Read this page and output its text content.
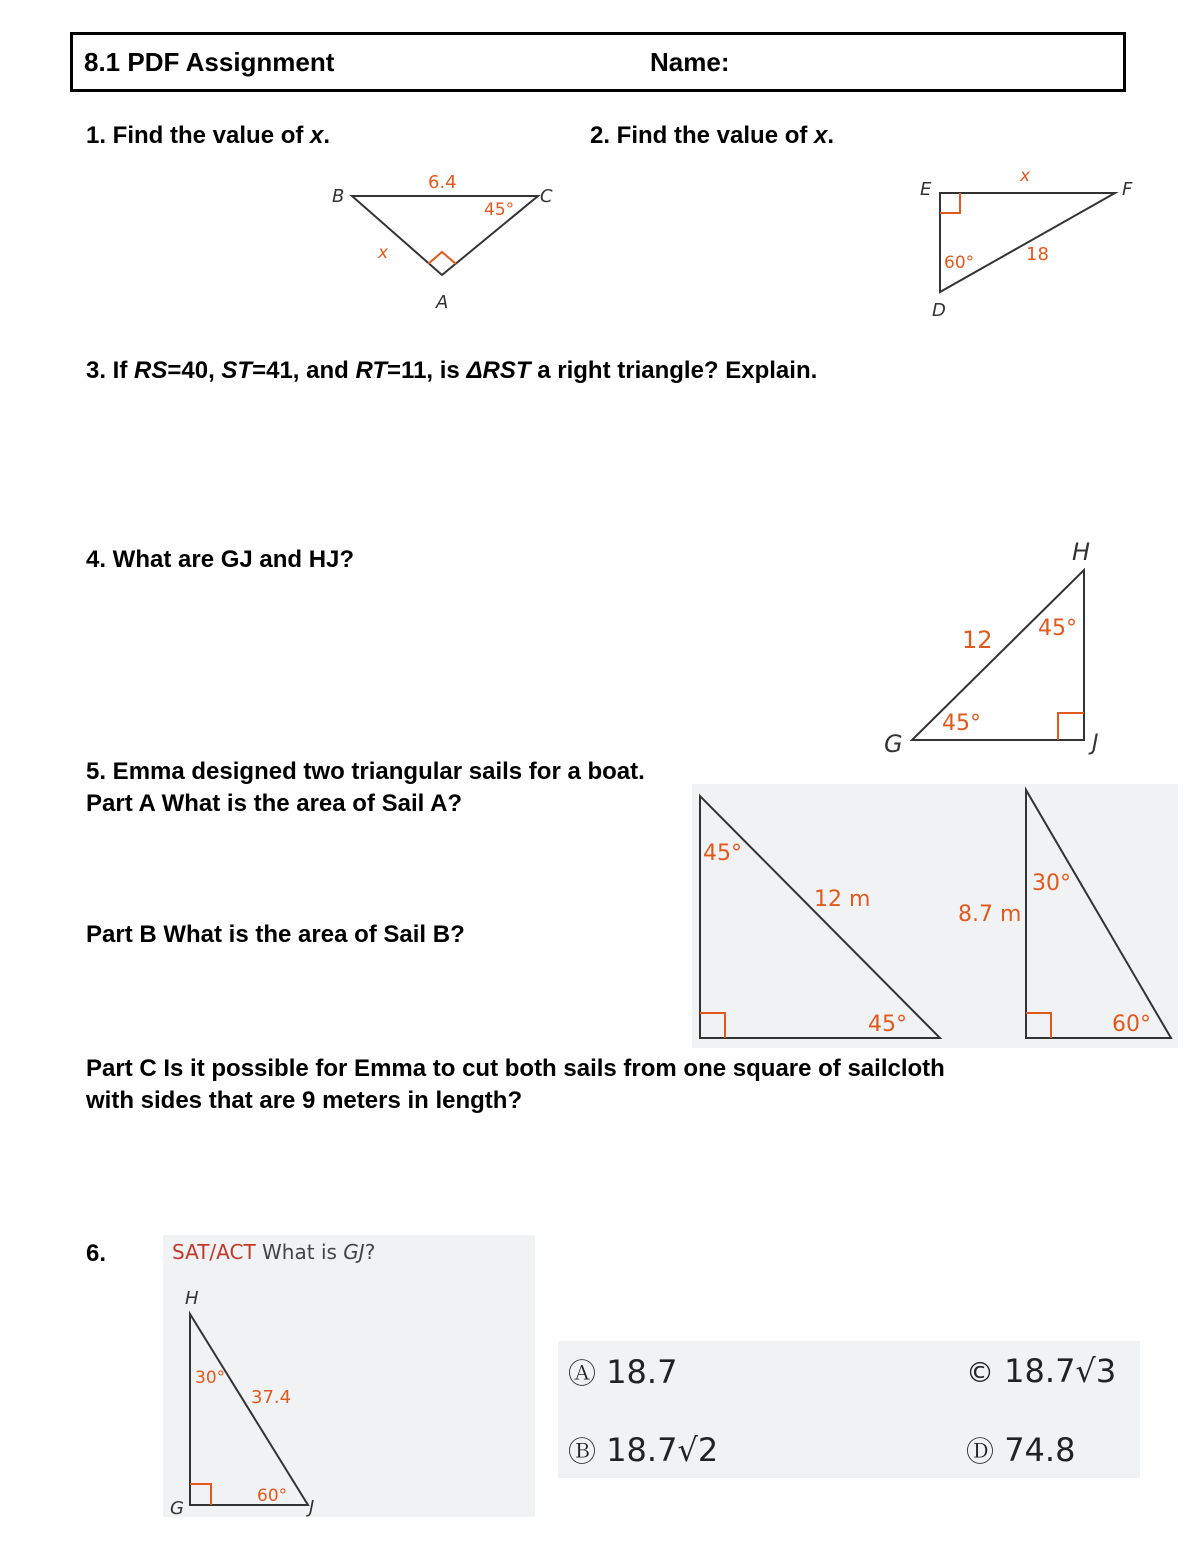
8.1 PDF Assignment	Name:
1. Find the value of x.
B	C
A
6.4
x
45°
2. Find the value of x.
E	F
D
x
18
60°
3. If RS=40, ST=41, and RT=11, is ΔRST a right triangle? Explain.
4. What are GJ and HJ?	H
G	J
12 45°
45°
5. Emma designed two triangular sails for a boat.
Part A What is the area of Sail A?
Part B What is the area of Sail B?
45°
12 m
45°
30°
8.7 m
60°
Part C Is it possible for Emma to cut both sails from one square of sailcloth
with sides that are 9 meters in length?
6.	SAT/ACT What is GJ?
H
G	J
30°
37.4
60°
Ⓐ 18.7
Ⓑ 18.7√2
© 18.7√3
Ⓓ 74.8
